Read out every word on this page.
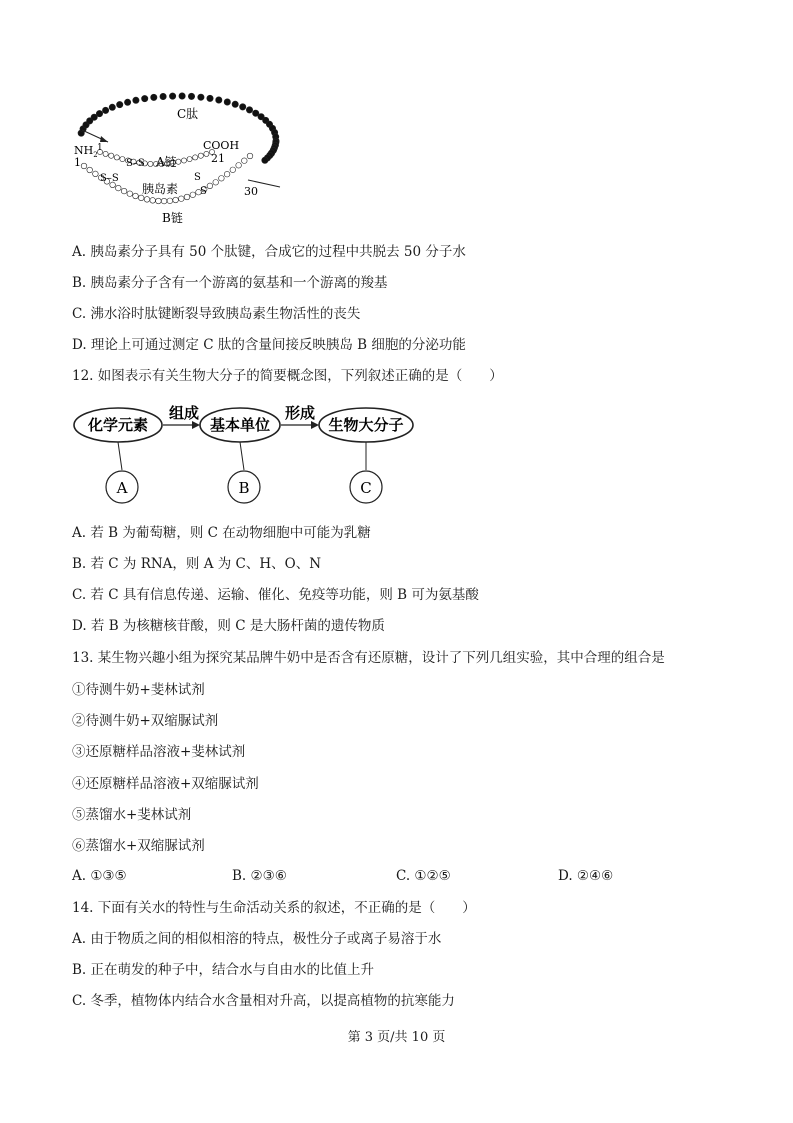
C肽
$NH_2$
1
1	COOH
21
S–S
S–S	S
S
A链
胰岛素	30
B链
A. 胰岛素分子具有 50 个肽键，合成它的过程中共脱去 50 分子水
B. 胰岛素分子含有一个游离的氨基和一个游离的羧基
C. 沸水浴时肽键断裂导致胰岛素生物活性的丧失
D. 理论上可通过测定 C 肽的含量间接反映胰岛 B 细胞的分泌功能
12. 如图表示有关生物大分子的简要概念图，下列叙述正确的是（　　）
化学元素	基本单位	生物大分子
组成	形成
A	B	C
A. 若 B 为葡萄糖，则 C 在动物细胞中可能为乳糖
B. 若 C 为 RNA，则 A 为 C、H、O、N
C. 若 C 具有信息传递、运输、催化、免疫等功能，则 B 可为氨基酸
D. 若 B 为核糖核苷酸，则 C 是大肠杆菌的遗传物质
13. 某生物兴趣小组为探究某品牌牛奶中是否含有还原糖，设计了下列几组实验，其中合理的组合是
①待测牛奶+斐林试剂
②待测牛奶+双缩脲试剂
③还原糖样品溶液+斐林试剂
④还原糖样品溶液+双缩脲试剂
⑤蒸馏水+斐林试剂
⑥蒸馏水+双缩脲试剂
A. ①③⑤	B. ②③⑥	C. ①②⑤	D. ②④⑥
14. 下面有关水的特性与生命活动关系的叙述，不正确的是（　　）
A. 由于物质之间的相似相溶的特点，极性分子或离子易溶于水
B. 正在萌发的种子中，结合水与自由水的比值上升
C. 冬季，植物体内结合水含量相对升高，以提高植物的抗寒能力
第 3 页/共 10 页
